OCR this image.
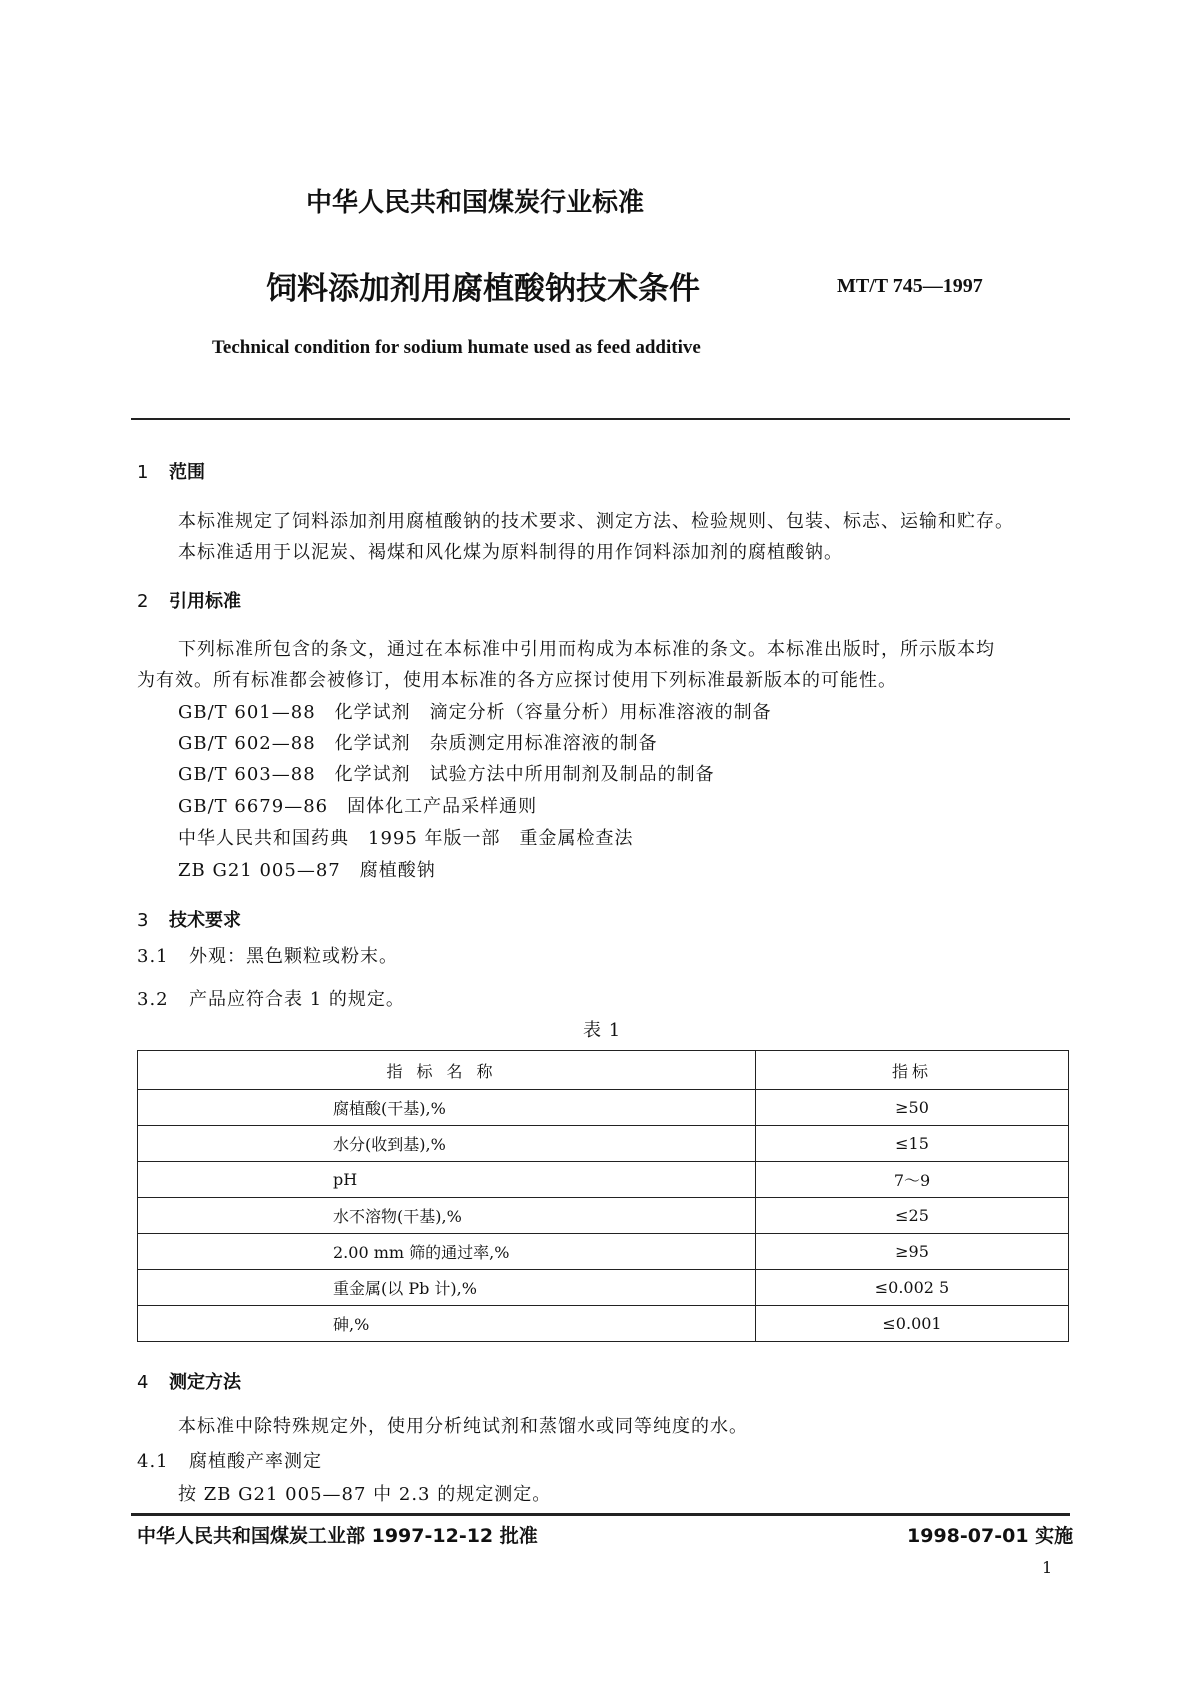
中华人民共和国煤炭行业标准
饲料添加剂用腐植酸钠技术条件	MT/T 745—1997
Technical condition for sodium humate used as feed additive
1 范围
本标准规定了饲料添加剂用腐植酸钠的技术要求、测定方法、检验规则、包装、标志、运输和贮存。
本标准适用于以泥炭、褐煤和风化煤为原料制得的用作饲料添加剂的腐植酸钠。
2 引用标准
下列标准所包含的条文，通过在本标准中引用而构成为本标准的条文。本标准出版时，所示版本均
为有效。所有标准都会被修订，使用本标准的各方应探讨使用下列标准最新版本的可能性。
GB/T 601—88　化学试剂　滴定分析（容量分析）用标准溶液的制备
GB/T 602—88　化学试剂　杂质测定用标准溶液的制备
GB/T 603—88　化学试剂　试验方法中所用制剂及制品的制备
GB/T 6679—86　固体化工产品采样通则
中华人民共和国药典　1995 年版一部　重金属检查法
ZB G21 005—87　腐植酸钠
3 技术要求
3.1 外观：黑色颗粒或粉末。
3.2 产品应符合表 1 的规定。
表 1
指标名称	指标
腐植酸(干基),%	≥50
水分(收到基),%	≤15
pH	7～9
水不溶物(干基),%	≤25
2.00 mm 筛的通过率,%	≥95
重金属(以 Pb 计),%	≤0.002 5
砷,%	≤0.001
4 测定方法
本标准中除特殊规定外，使用分析纯试剂和蒸馏水或同等纯度的水。
4.1 腐植酸产率测定
按 ZB G21 005—87 中 2.3 的规定测定。
中华人民共和国煤炭工业部 1997-12-12 批准	1998-07-01 实施
1
